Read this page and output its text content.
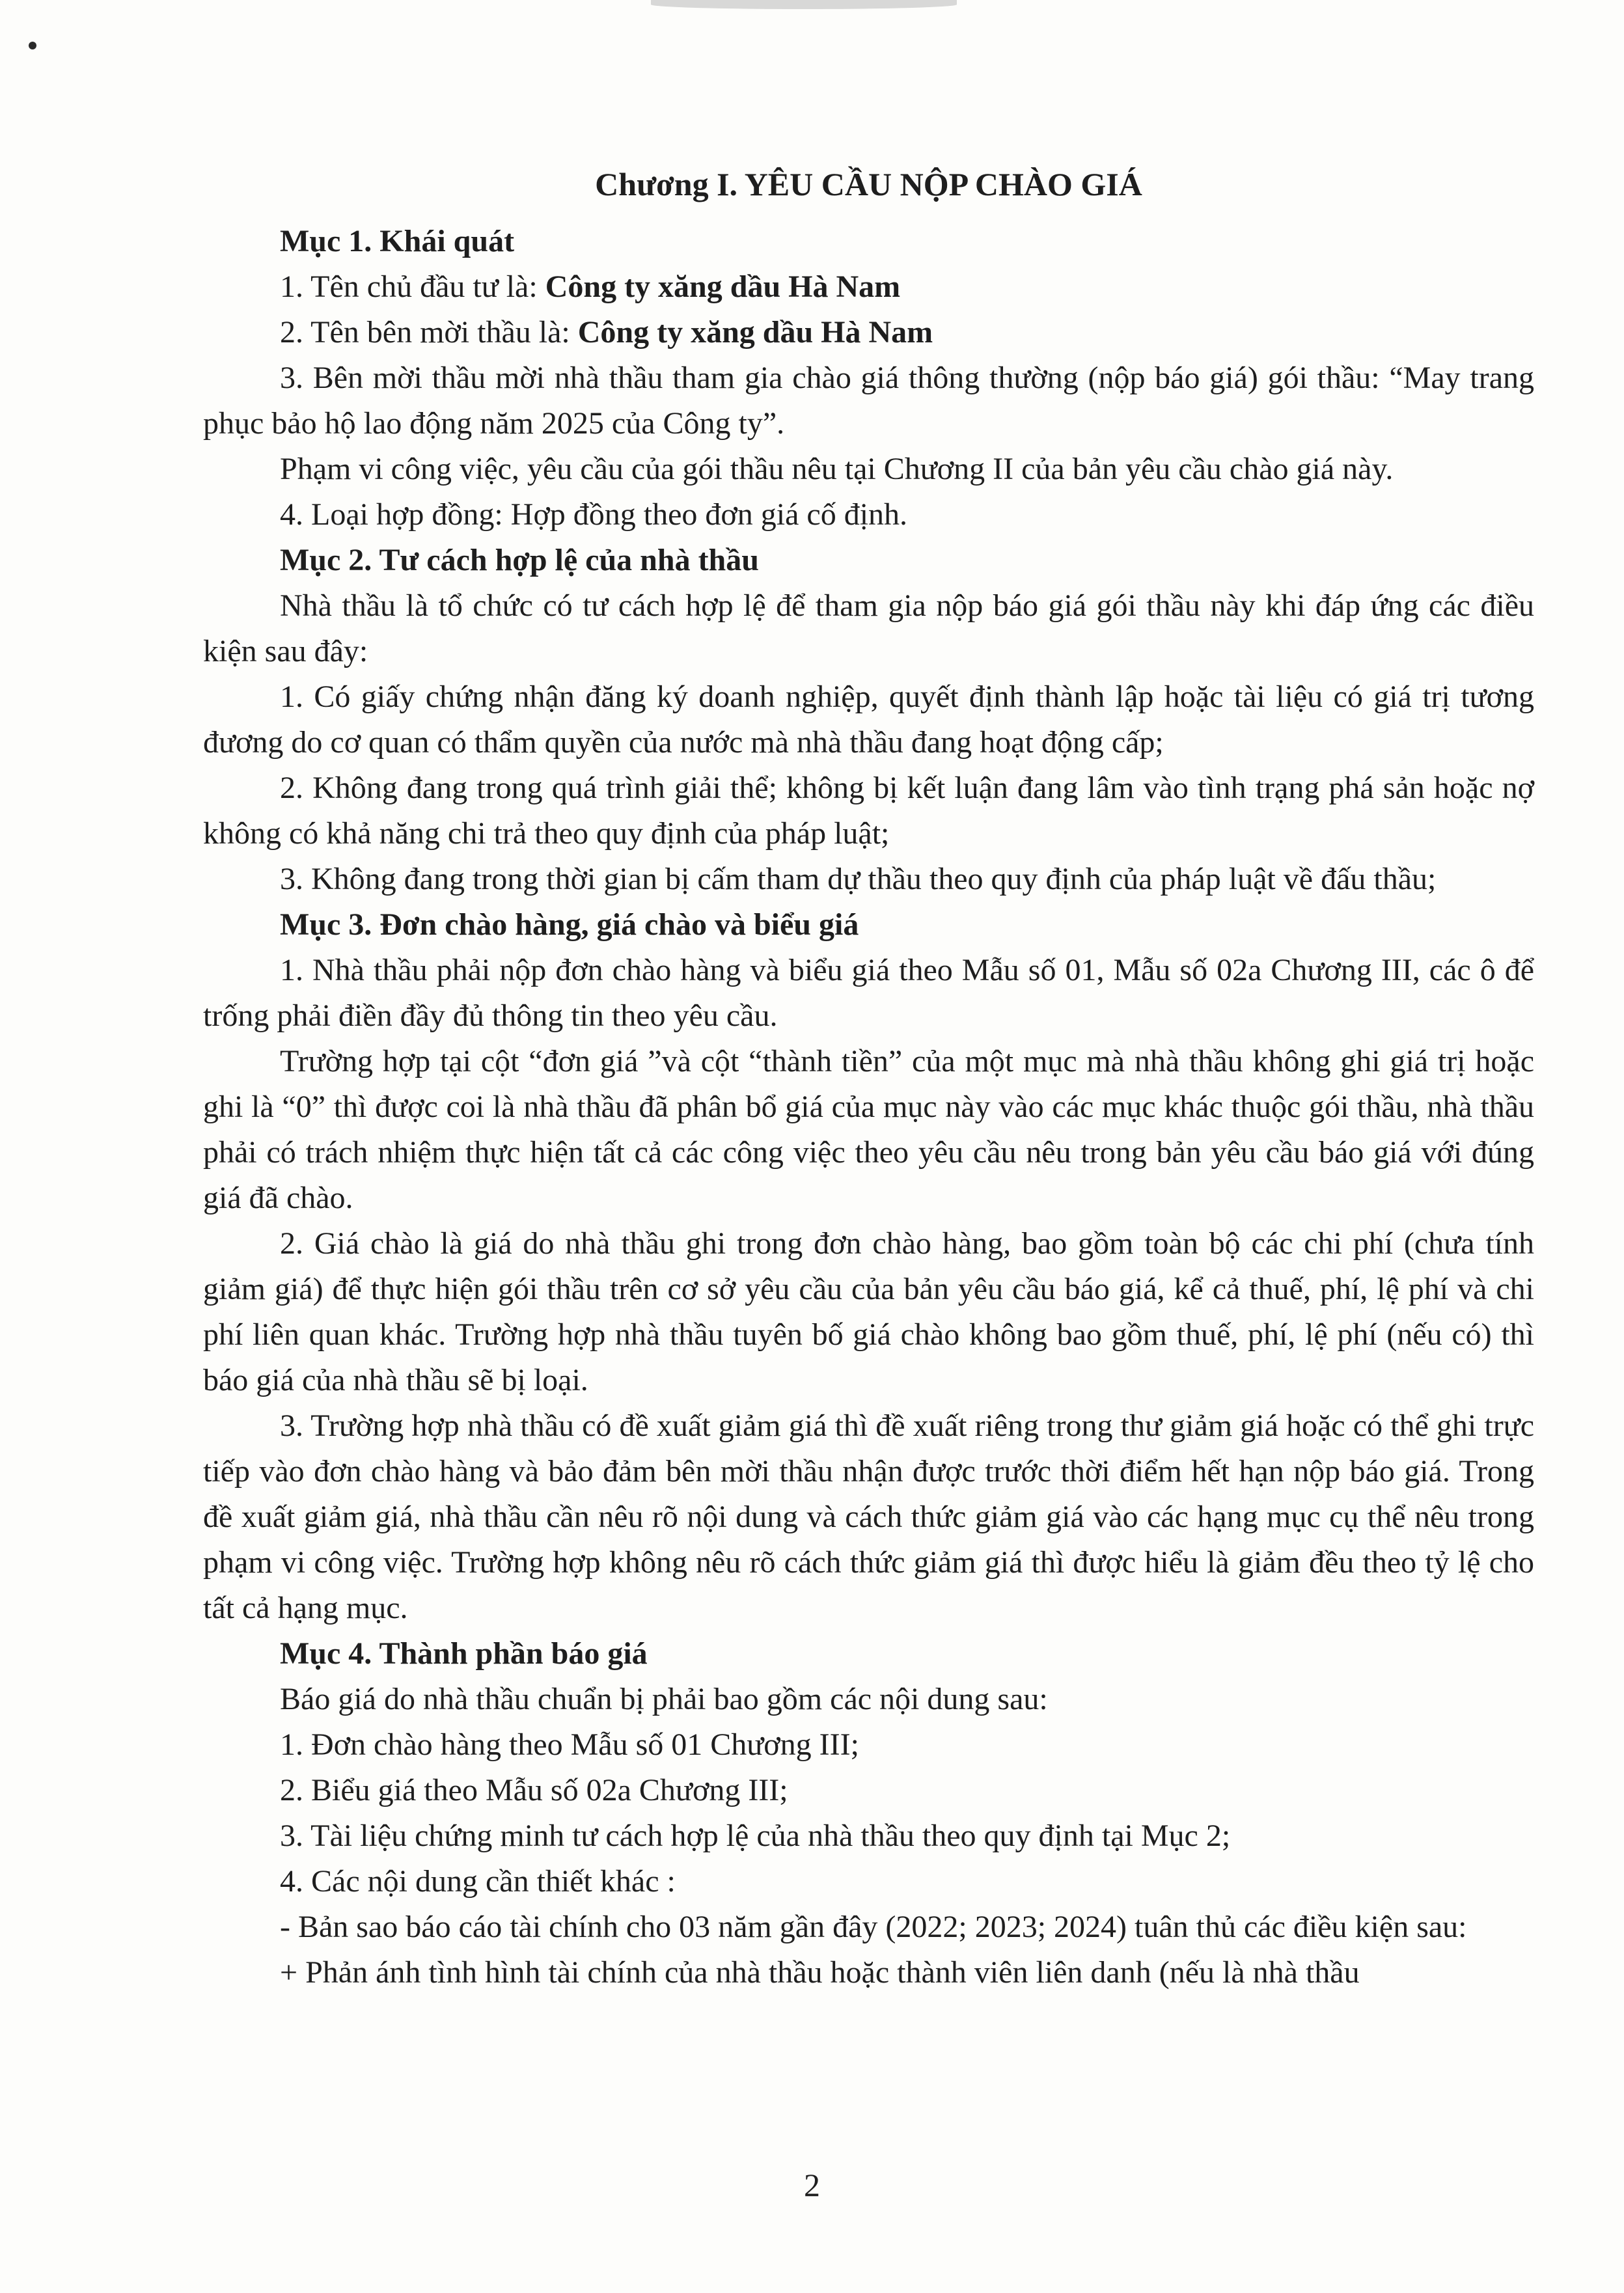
Chương I. YÊU CẦU NỘP CHÀO GIÁ

Mục 1. Khái quát

1. Tên chủ đầu tư là: Công ty xăng dầu Hà Nam

2. Tên bên mời thầu là: Công ty xăng dầu Hà Nam

3. Bên mời thầu mời nhà thầu tham gia chào giá thông thường (nộp báo giá) gói thầu: “May trang phục bảo hộ lao động năm 2025 của Công ty”.

Phạm vi công việc, yêu cầu của gói thầu nêu tại Chương II của bản yêu cầu chào giá này.

4. Loại hợp đồng: Hợp đồng theo đơn giá cố định.

Mục 2. Tư cách hợp lệ của nhà thầu

Nhà thầu là tổ chức có tư cách hợp lệ để tham gia nộp báo giá gói thầu này khi đáp ứng các điều kiện sau đây:

1. Có giấy chứng nhận đăng ký doanh nghiệp, quyết định thành lập hoặc tài liệu có giá trị tương đương do cơ quan có thẩm quyền của nước mà nhà thầu đang hoạt động cấp;

2. Không đang trong quá trình giải thể; không bị kết luận đang lâm vào tình trạng phá sản hoặc nợ không có khả năng chi trả theo quy định của pháp luật;

3. Không đang trong thời gian bị cấm tham dự thầu theo quy định của pháp luật về đấu thầu;

Mục 3. Đơn chào hàng, giá chào và biểu giá

1. Nhà thầu phải nộp đơn chào hàng và biểu giá theo Mẫu số 01, Mẫu số 02a Chương III, các ô để trống phải điền đầy đủ thông tin theo yêu cầu.

Trường hợp tại cột “đơn giá ”và cột “thành tiền” của một mục mà nhà thầu không ghi giá trị hoặc ghi là “0” thì được coi là nhà thầu đã phân bổ giá của mục này vào các mục khác thuộc gói thầu, nhà thầu phải có trách nhiệm thực hiện tất cả các công việc theo yêu cầu nêu trong bản yêu cầu báo giá với đúng giá đã chào.

2. Giá chào là giá do nhà thầu ghi trong đơn chào hàng, bao gồm toàn bộ các chi phí (chưa tính giảm giá) để thực hiện gói thầu trên cơ sở yêu cầu của bản yêu cầu báo giá, kể cả thuế, phí, lệ phí và chi phí liên quan khác. Trường hợp nhà thầu tuyên bố giá chào không bao gồm thuế, phí, lệ phí (nếu có) thì báo giá của nhà thầu sẽ bị loại.

3. Trường hợp nhà thầu có đề xuất giảm giá thì đề xuất riêng trong thư giảm giá hoặc có thể ghi trực tiếp vào đơn chào hàng và bảo đảm bên mời thầu nhận được trước thời điểm hết hạn nộp báo giá. Trong đề xuất giảm giá, nhà thầu cần nêu rõ nội dung và cách thức giảm giá vào các hạng mục cụ thể nêu trong phạm vi công việc. Trường hợp không nêu rõ cách thức giảm giá thì được hiểu là giảm đều theo tỷ lệ cho tất cả hạng mục.

Mục 4. Thành phần báo giá

Báo giá do nhà thầu chuẩn bị phải bao gồm các nội dung sau:

1. Đơn chào hàng theo Mẫu số 01 Chương III;

2. Biểu giá theo Mẫu số 02a Chương III;

3. Tài liệu chứng minh tư cách hợp lệ của nhà thầu theo quy định tại Mục 2;

4. Các nội dung cần thiết khác :

- Bản sao báo cáo tài chính cho 03 năm gần đây (2022; 2023; 2024) tuân thủ các điều kiện sau:

+ Phản ánh tình hình tài chính của nhà thầu hoặc thành viên liên danh (nếu là nhà thầu

2
